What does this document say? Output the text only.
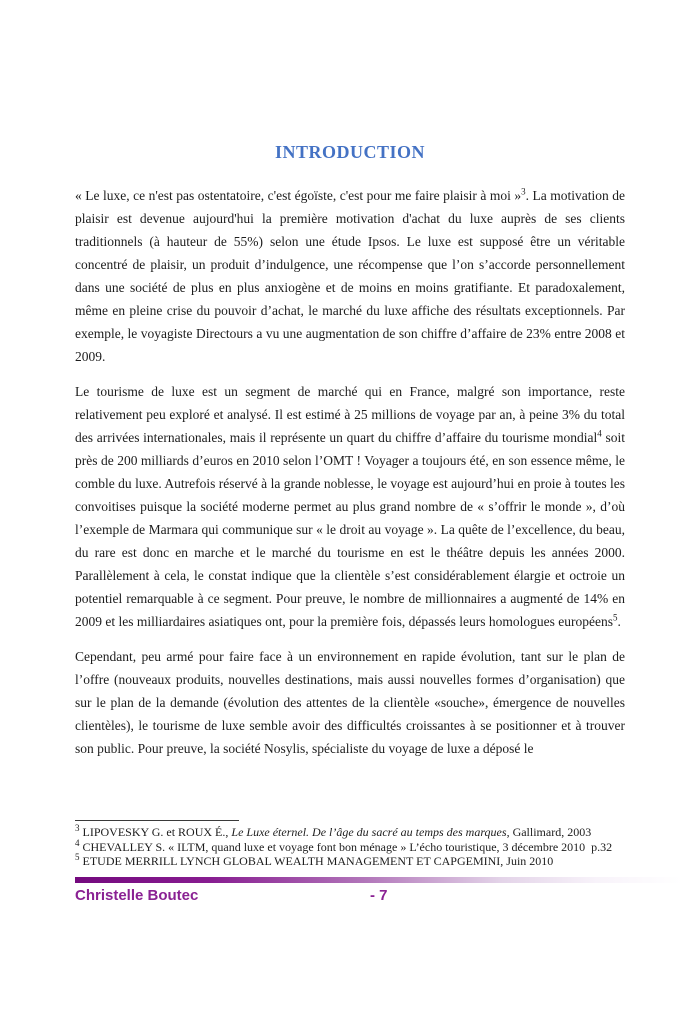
INTRODUCTION
« Le luxe, ce n'est pas ostentatoire, c'est égoïste, c'est pour me faire plaisir à moi »$^3$. La motivation de plaisir est devenue aujourd'hui la première motivation d'achat du luxe auprès de ses clients traditionnels (à hauteur de 55%) selon une étude Ipsos. Le luxe est supposé être un véritable concentré de plaisir, un produit d’indulgence, une récompense que l’on s’accorde personnellement dans une société de plus en plus anxiogène et de moins en moins gratifiante. Et paradoxalement, même en pleine crise du pouvoir d’achat, le marché du luxe affiche des résultats exceptionnels. Par exemple, le voyagiste Directours a vu une augmentation de son chiffre d’affaire de 23% entre 2008 et 2009.
Le tourisme de luxe est un segment de marché qui en France, malgré son importance, reste relativement peu exploré et analysé. Il est estimé à 25 millions de voyage par an, à peine 3% du total des arrivées internationales, mais il représente un quart du chiffre d’affaire du tourisme mondial$^4$ soit près de 200 milliards d’euros en 2010 selon l’OMT ! Voyager a toujours été, en son essence même, le comble du luxe. Autrefois réservé à la grande noblesse, le voyage est aujourd’hui en proie à toutes les convoitises puisque la société moderne permet au plus grand nombre de « s’offrir le monde », d’où l’exemple de Marmara qui communique sur « le droit au voyage ». La quête de l’excellence, du beau, du rare est donc en marche et le marché du tourisme en est le théâtre depuis les années 2000. Parallèlement à cela, le constat indique que la clientèle s’est considérablement élargie et octroie un potentiel remarquable à ce segment. Pour preuve, le nombre de millionnaires a augmenté de 14% en 2009 et les milliardaires asiatiques ont, pour la première fois, dépassés leurs homologues européens$^5$.
Cependant, peu armé pour faire face à un environnement en rapide évolution, tant sur le plan de l’offre (nouveaux produits, nouvelles destinations, mais aussi nouvelles formes d’organisation) que sur le plan de la demande (évolution des attentes de la clientèle «souche», émergence de nouvelles clientèles), le tourisme de luxe semble avoir des difficultés croissantes à se positionner et à trouver son public. Pour preuve, la société Nosylis, spécialiste du voyage de luxe a déposé le
$^3$ LIPOVESKY G. et ROUX É., Le Luxe éternel. De l’âge du sacré au temps des marques, Gallimard, 2003
$^4$ CHEVALLEY S. « ILTM, quand luxe et voyage font bon ménage » L’écho touristique, 3 décembre 2010  p.32
$^5$ ETUDE MERRILL LYNCH GLOBAL WEALTH MANAGEMENT ET CAPGEMINI, Juin 2010
Christelle Boutec	- 7
